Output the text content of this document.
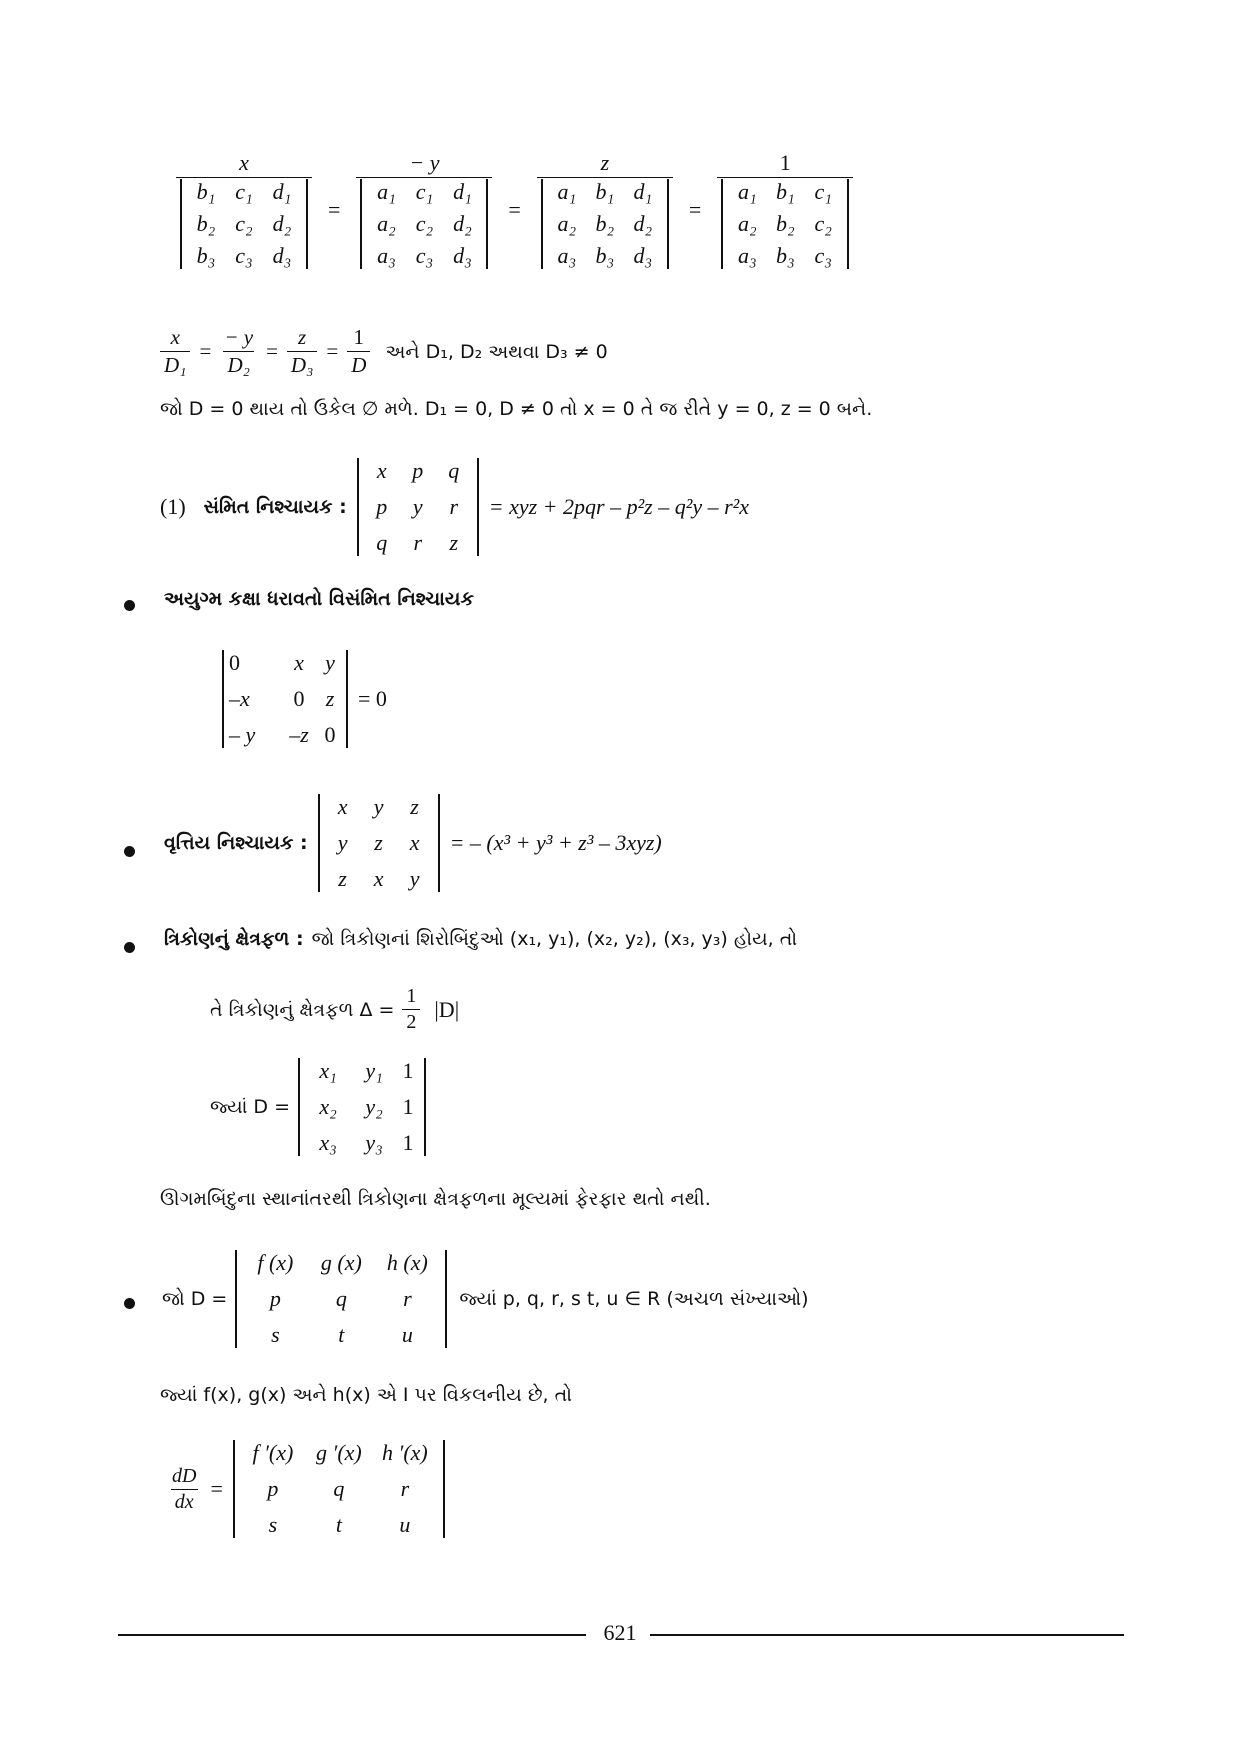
x
b₁ c₁ d₁
b₂ c₂ d₂
b₃ c₃ d₃ = − y
a₁ c₁ d₁
a₂ c₂ d₂
a₃ c₃ d₃ = z
a₁ b₁ d₁
a₂ b₂ d₂
a₃ b₃ d₃ = 1
a₁ b₁ c₁
a₂ b₂ c₂
a₃ b₃ c₃
$\frac{x}{\text{D₁}} = \frac{- y}{\text{D₂}} = \frac{z}{\text{D₃}} = \frac{1}{D}$ અને D₁, D₂ અથવા D₃ ≠ 0
જો D = 0 થાય તો ઉકેલ ∅ મળે. D₁ = 0, D ≠ 0 તો x = 0 તે જ રીતે y = 0, z = 0 બને.
(1) સંમિત નિશ્ચાયક :
x	p	q
p	y	r
q	r	z
= xyz + 2pqr – p²z – q²y – r²x
અયુગ્મ કક્ષા ધરાવતો વિસંમિત નિશ્ચાયક
0	x y
–x	0 z
– y	–z 0
= 0
વૃત્તિય નિશ્ચાયક :
x	y	z
y	z	x
z	x	y
= – (x³ + y³ + z³ – 3xyz)
ત્રિકોણનું ક્ષેત્રફળ : જો ત્રિકોણનાં શિરોબિંદુઓ (x₁, y₁), (x₂, y₂), (x₃, y₃) હોય, તો
તે ત્રિકોણનું ક્ષેત્રફળ $\Delta = \frac{1}{2} |D|$
જ્યાં D =
x₁	y₁ 1
x₂	y₂ 1
x₃	y₃ 1
ઊગમબિંદુના સ્થાનાંતરથી ત્રિકોણના ક્ષેત્રફળના મૂલ્યમાં ફેરફાર થતો નથી.
જો D =
f (x)	g (x)	h (x)
p	q	r
s	t	u
જ્યાં p, q, r, s t, u ∈ R (અચળ સંખ્યાઓ)
જ્યાં f(x), g(x) અને h(x) એ I પર વિકલનીય છે, તો
$\frac{dD}{dx}$ =
f ′(x)	g ′(x) h ′(x)
p	q	r
s	t	u
621
